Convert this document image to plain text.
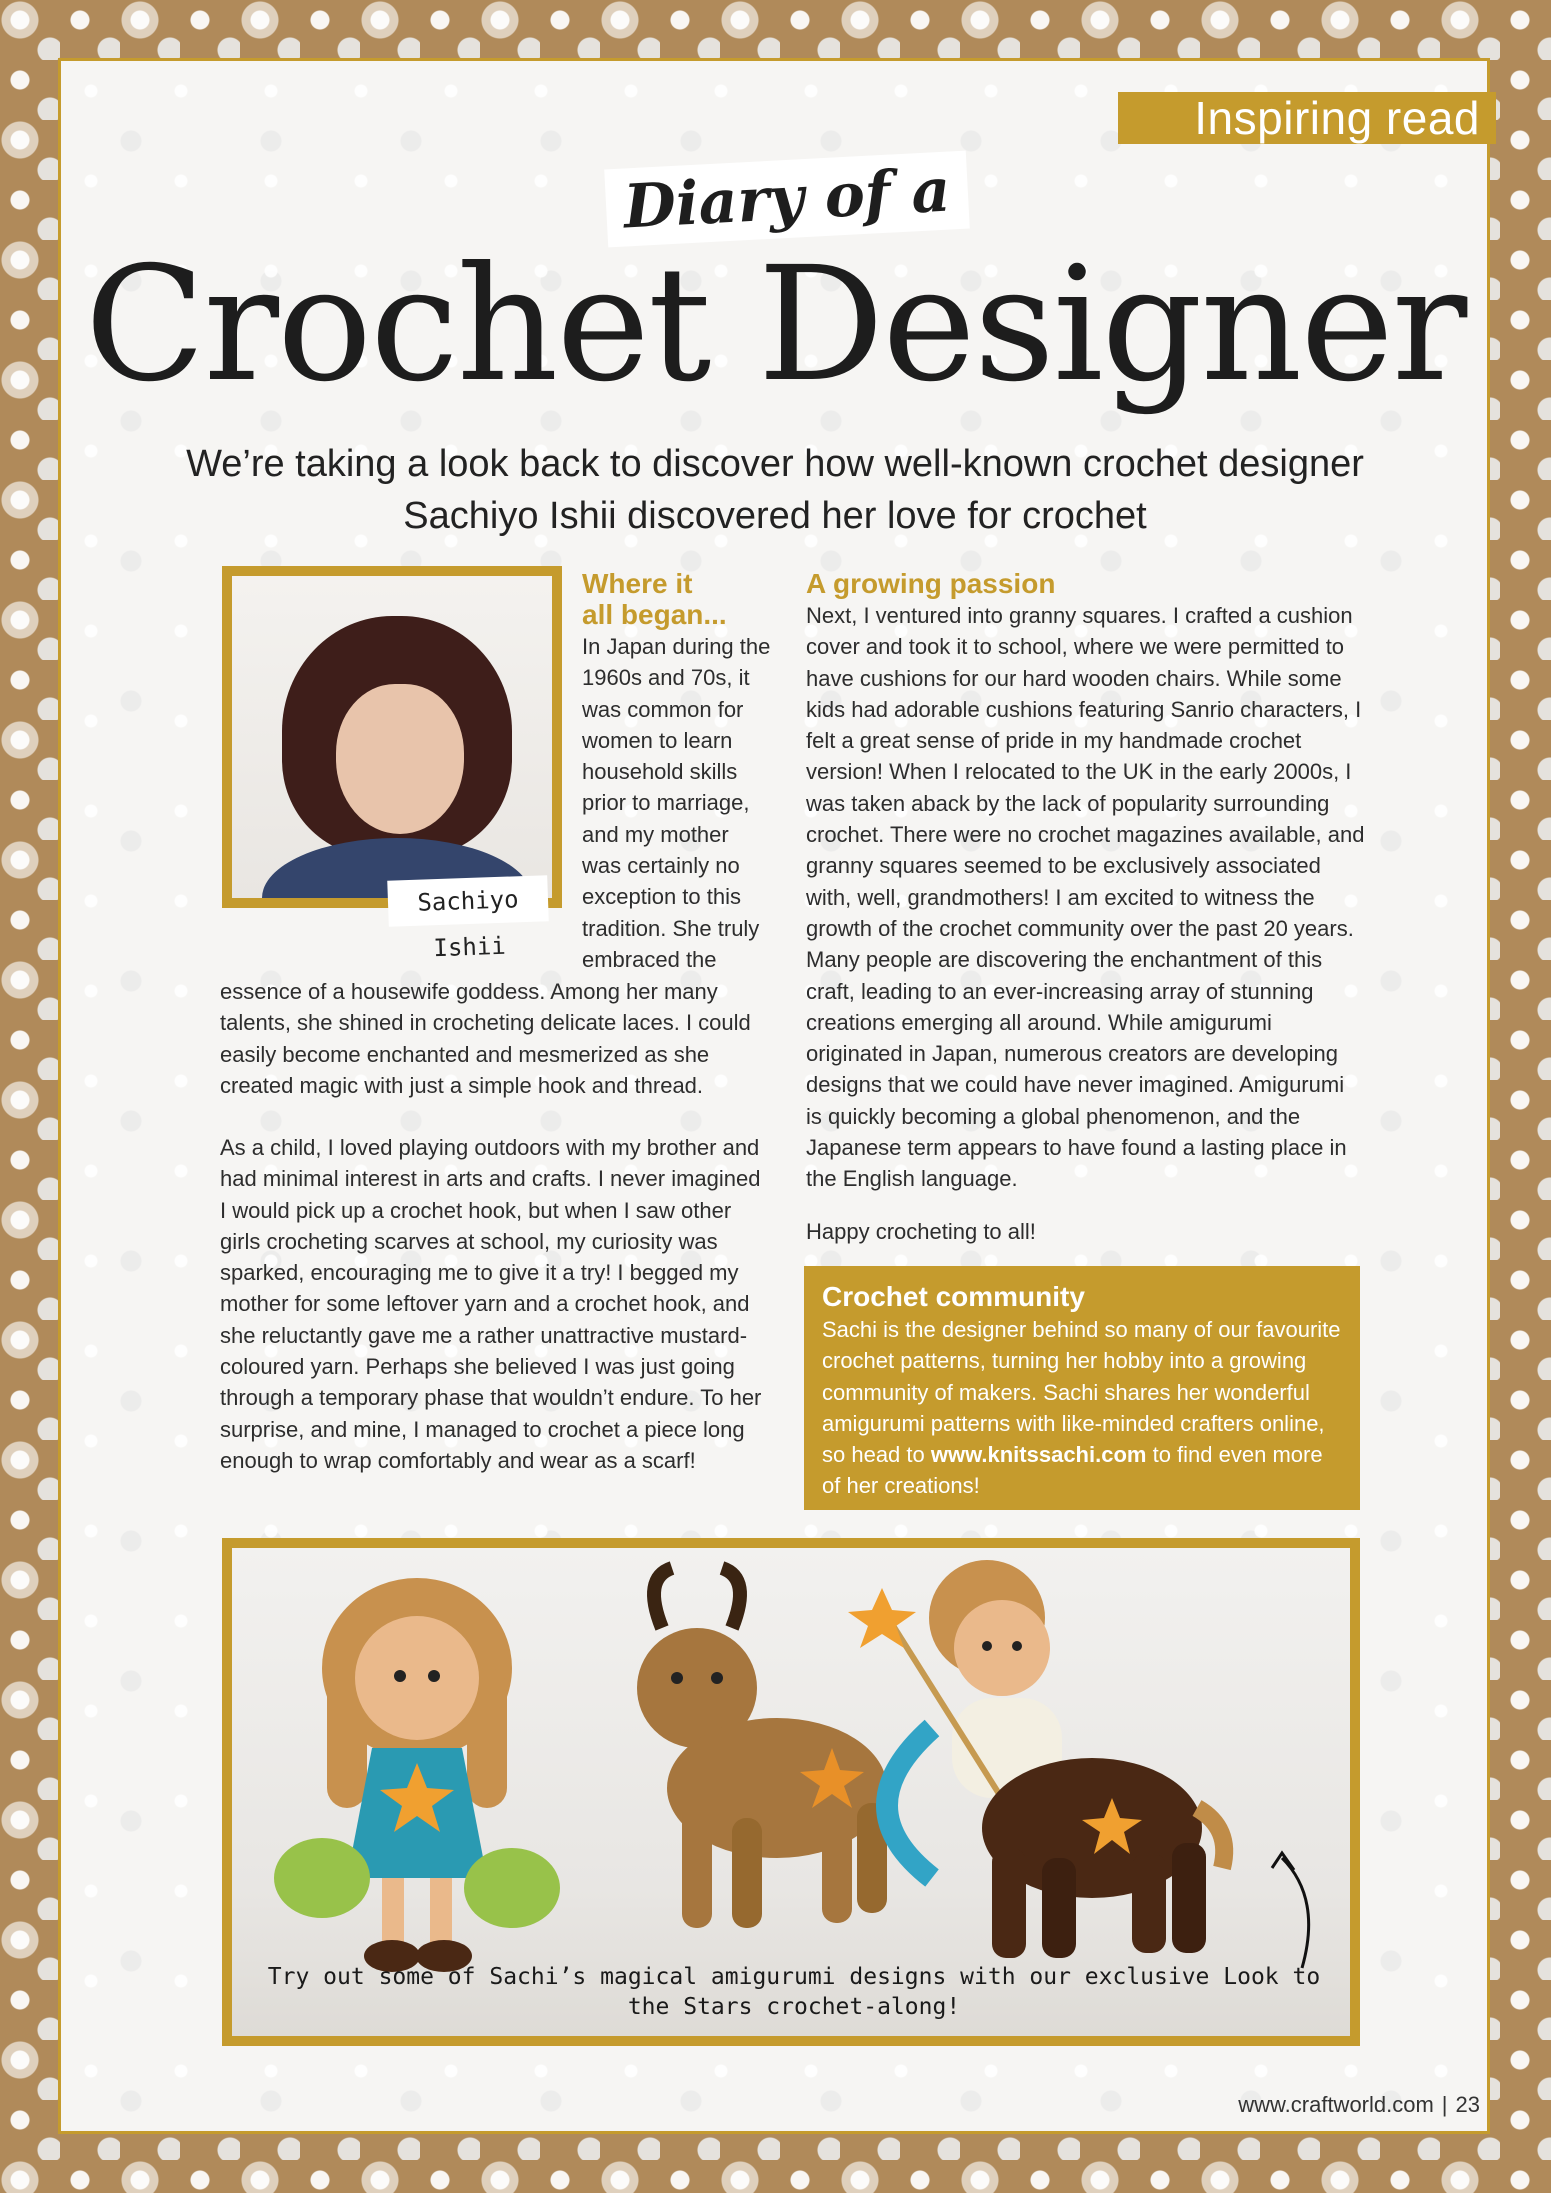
Inspiring read
Diary of a
Crochet Designer
We’re taking a look back to discover how well-known crochet designer Sachiyo Ishii discovered her love for crochet
Sachiyo Ishii
Where it
all began...
In Japan during the 1960s and 70s, it was common for women to learn household skills prior to marriage, and my mother was certainly no exception to this tradition. She truly embraced the
essence of a housewife goddess. Among her many talents, she shined in crocheting delicate laces. I could easily become enchanted and mesmerized as she created magic with just a simple hook and thread.
As a child, I loved playing outdoors with my brother and had minimal interest in arts and crafts. I never imagined I would pick up a crochet hook, but when I saw other girls crocheting scarves at school, my curiosity was sparked, encouraging me to give it a try! I begged my mother for some leftover yarn and a crochet hook, and she reluctantly gave me a rather unattractive mustard-coloured yarn. Perhaps she believed I was just going through a temporary phase that wouldn’t endure. To her surprise, and mine, I managed to crochet a piece long enough to wrap comfortably and wear as a scarf!
A growing passion
Next, I ventured into granny squares. I crafted a cushion cover and took it to school, where we were permitted to have cushions for our hard wooden chairs. While some kids had adorable cushions featuring Sanrio characters, I felt a great sense of pride in my handmade crochet version! When I relocated to the UK in the early 2000s, I was taken aback by the lack of popularity surrounding crochet. There were no crochet magazines available, and granny squares seemed to be exclusively associated with, well, grandmothers! I am excited to witness the growth of the crochet community over the past 20 years. Many people are discovering the enchantment of this craft, leading to an ever-increasing array of stunning creations emerging all around. While amigurumi originated in Japan, numerous creators are developing designs that we could have never imagined. Amigurumi is quickly becoming a global phenomenon, and the Japanese term appears to have found a lasting place in the English language.
Happy crocheting to all!
Crochet community
Sachi is the designer behind so many of our favourite crochet patterns, turning her hobby into a growing community of makers. Sachi shares her wonderful amigurumi patterns with like-minded crafters online, so head to www.knitssachi.com to find even more of her creations!
Try out some of Sachi’s magical amigurumi designs with our exclusive Look to the Stars crochet-along!
www.craftworld.com | 23
